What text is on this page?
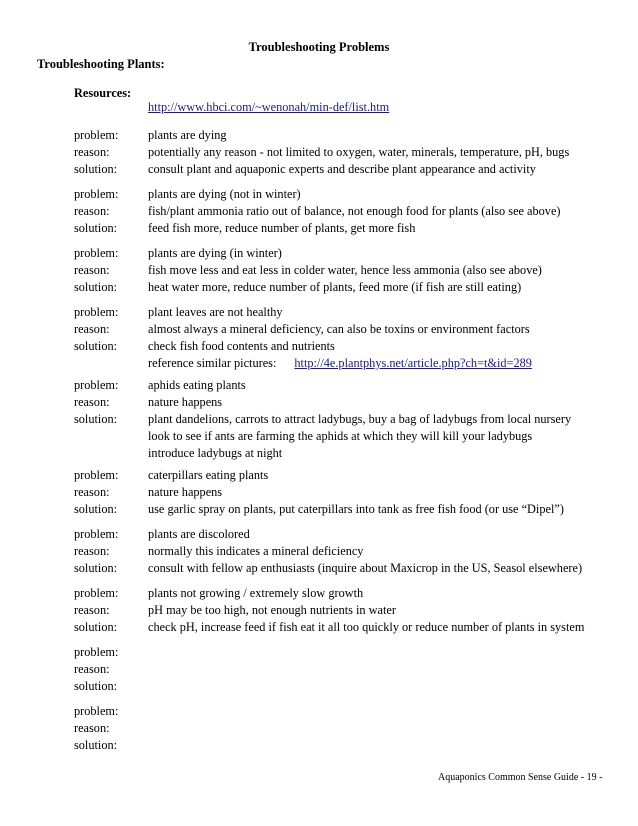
Troubleshooting Problems
Troubleshooting Plants:
Resources:
http://www.hbci.com/~wenonah/min-def/list.htm
problem: plants are dying
reason:	potentially any reason - not limited to oxygen, water, minerals, temperature, pH, bugs
solution:	consult plant and aquaponic experts and describe plant appearance and activity
problem: plants are dying (not in winter)
reason:	fish/plant ammonia ratio out of balance, not enough food for plants (also see above)
solution:	feed fish more, reduce number of plants, get more fish
problem: plants are dying (in winter)
reason:	fish move less and eat less in colder water, hence less ammonia (also see above)
solution:	heat water more, reduce number of plants, feed more (if fish are still eating)
problem: plant leaves are not healthy
reason:	almost always a mineral deficiency, can also be toxins or environment factors
solution:	check fish food contents and nutrients
reference similar pictures: http://4e.plantphys.net/article.php?ch=t&id=289
problem: aphids eating plants
reason:	nature happens
solution:	plant dandelions, carrots to attract ladybugs, buy a bag of ladybugs from local nursery
look to see if ants are farming the aphids at which they will kill your ladybugs
introduce ladybugs at night
problem: caterpillars eating plants
reason:	nature happens
solution:	use garlic spray on plants, put caterpillars into tank as free fish food (or use “Dipel”)
problem: plants are discolored
reason:	normally this indicates a mineral deficiency
solution:	consult with fellow ap enthusiasts (inquire about Maxicrop in the US, Seasol elsewhere)
problem: plants not growing / extremely slow growth
reason:	pH may be too high, not enough nutrients in water
solution:	check pH, increase feed if fish eat it all too quickly or reduce number of plants in system
problem:
reason:
solution:
problem:
reason:
solution:
Aquaponics Common Sense Guide - 19 -
